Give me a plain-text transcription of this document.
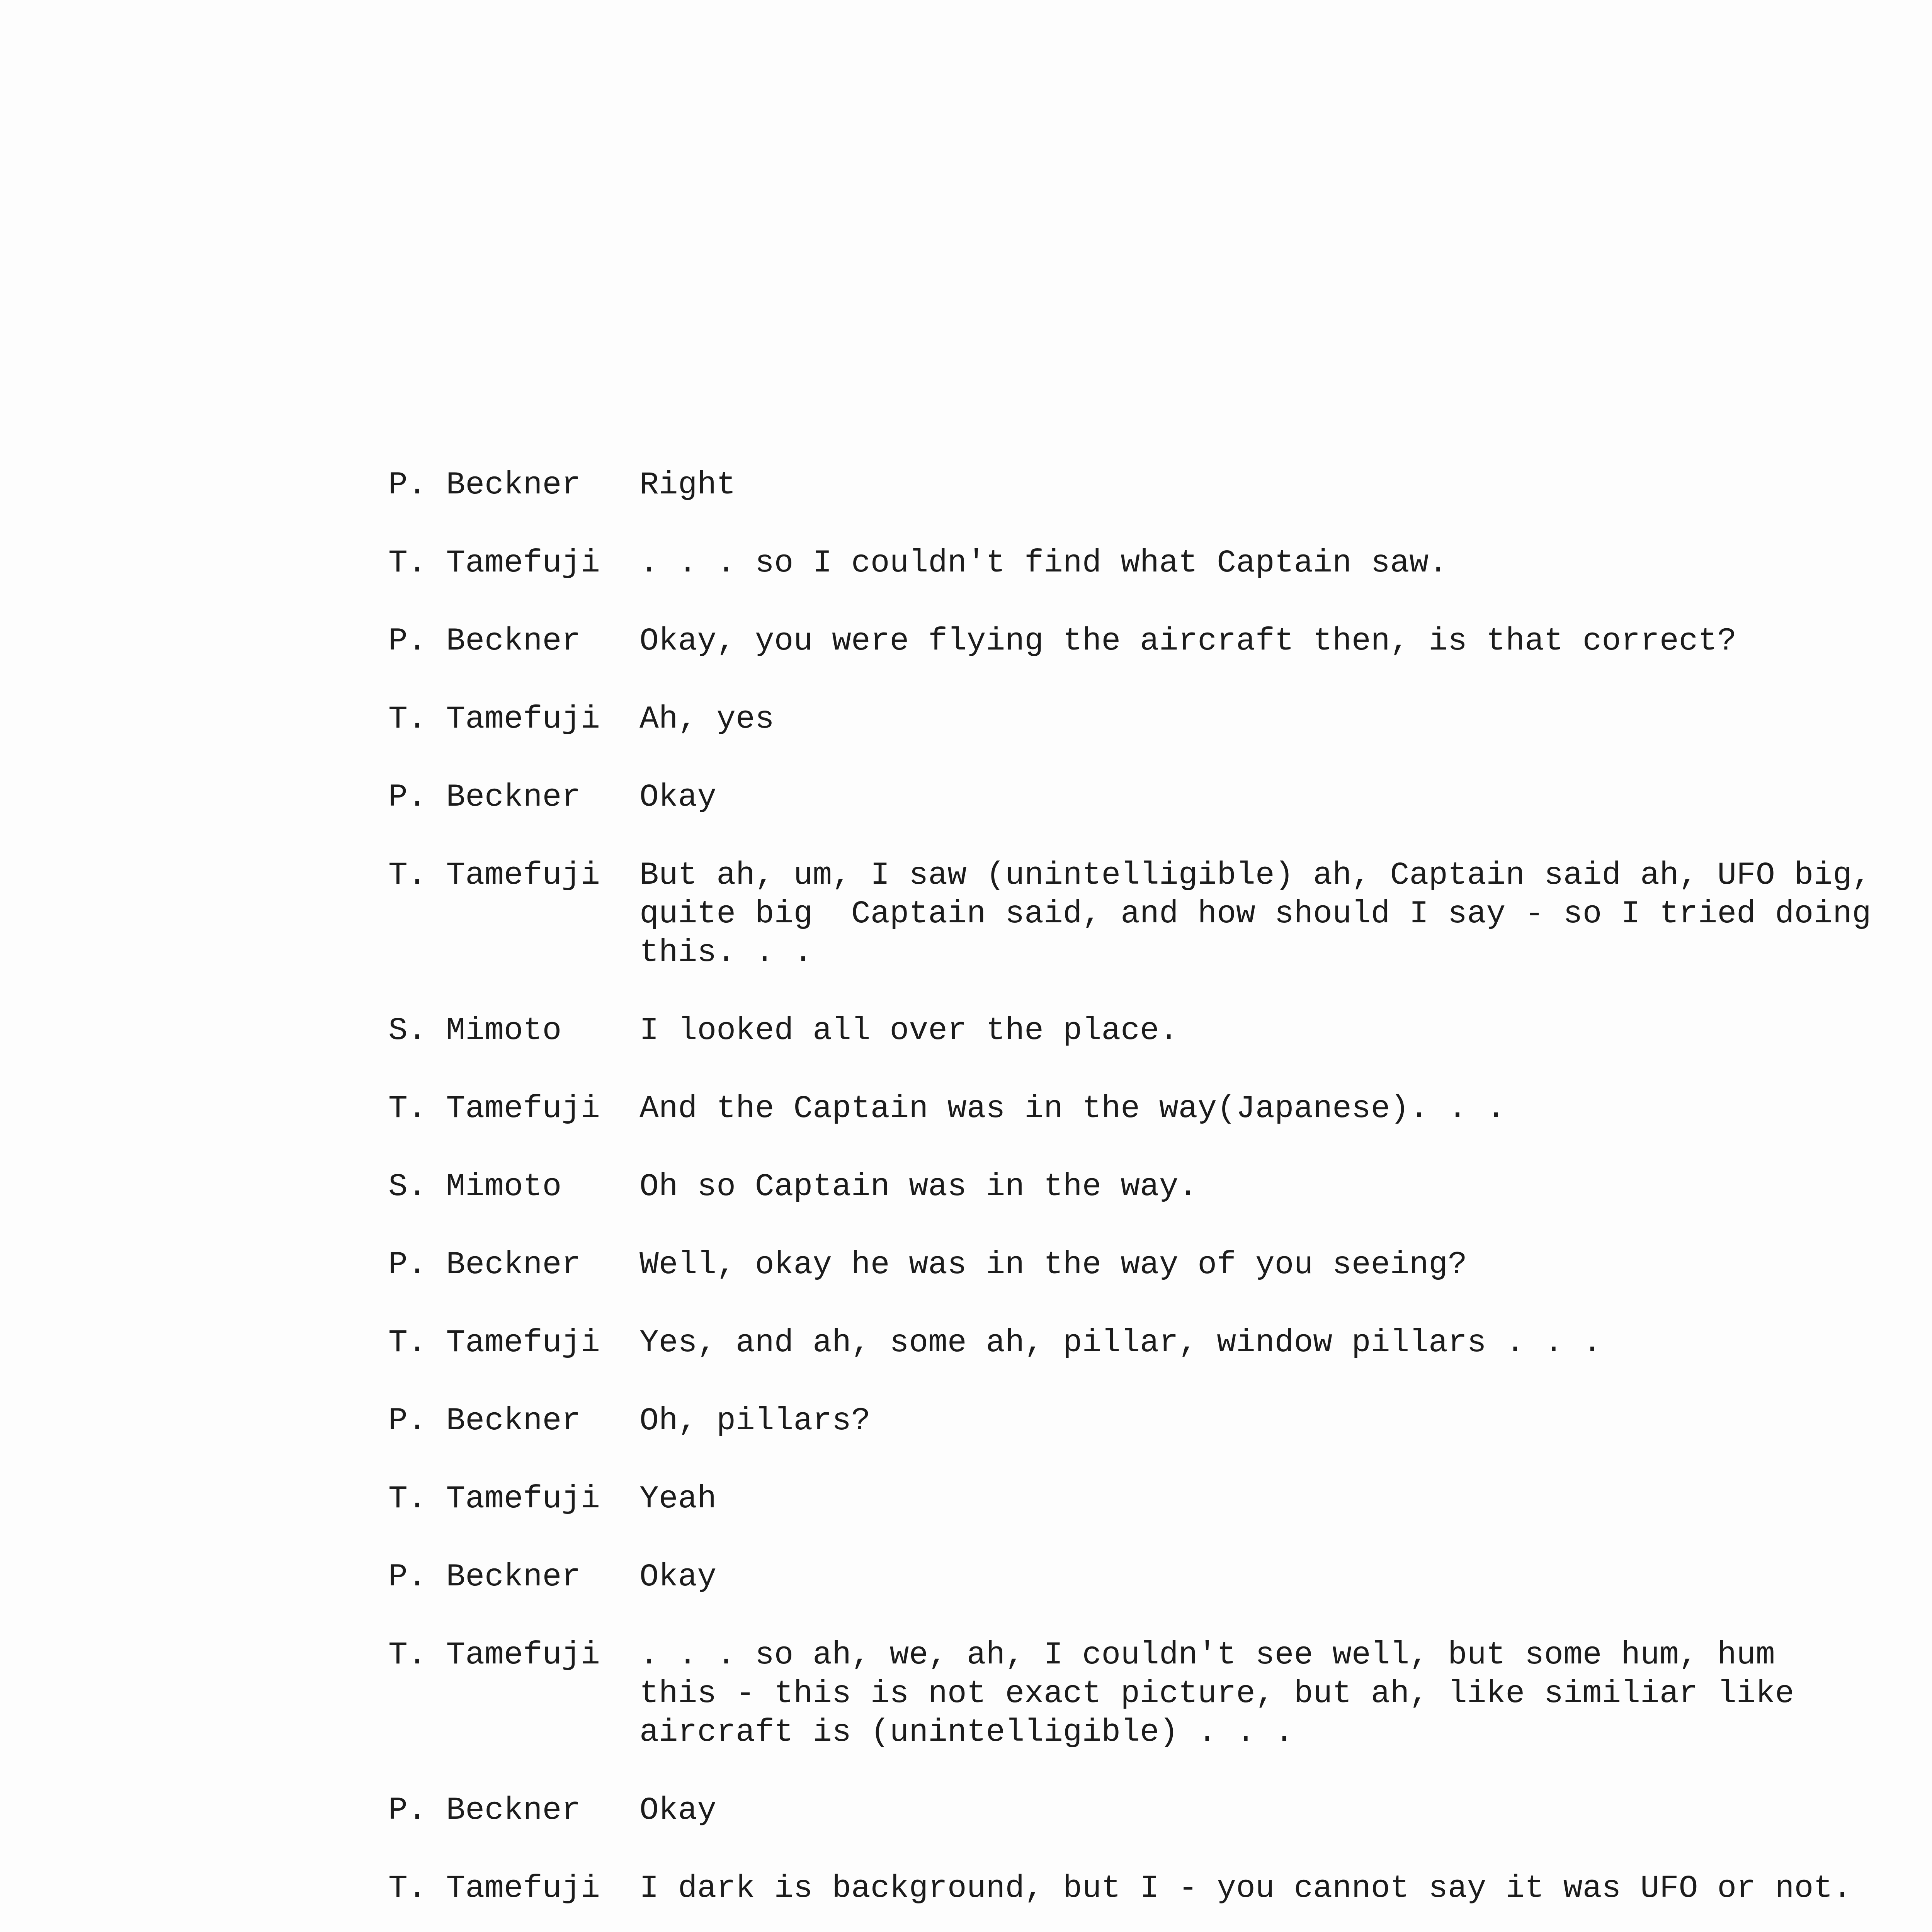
P. Beckner	Right
T. Tamefuji	. . . so I couldn't find what Captain saw.
P. Beckner	Okay, you were flying the aircraft then, is that correct?
T. Tamefuji	Ah, yes
P. Beckner	Okay
T. Tamefuji	But ah, um, I saw (unintelligible) ah, Captain said ah, UFO big,
quite big  Captain said, and how should I say - so I tried doing
this. . .
S. Mimoto	I looked all over the place.
T. Tamefuji	And the Captain was in the way(Japanese). . .
S. Mimoto	Oh so Captain was in the way.
P. Beckner	Well, okay he was in the way of you seeing?
T. Tamefuji	Yes, and ah, some ah, pillar, window pillars . . .
P. Beckner	Oh, pillars?
T. Tamefuji	Yeah
P. Beckner	Okay
T. Tamefuji	. . . so ah, we, ah, I couldn't see well, but some hum, hum
this - this is not exact picture, but ah, like similiar like
aircraft is (unintelligible) . . .
P. Beckner	Okay
T. Tamefuji	I dark is background, but I - you cannot say it was UFO or not.
